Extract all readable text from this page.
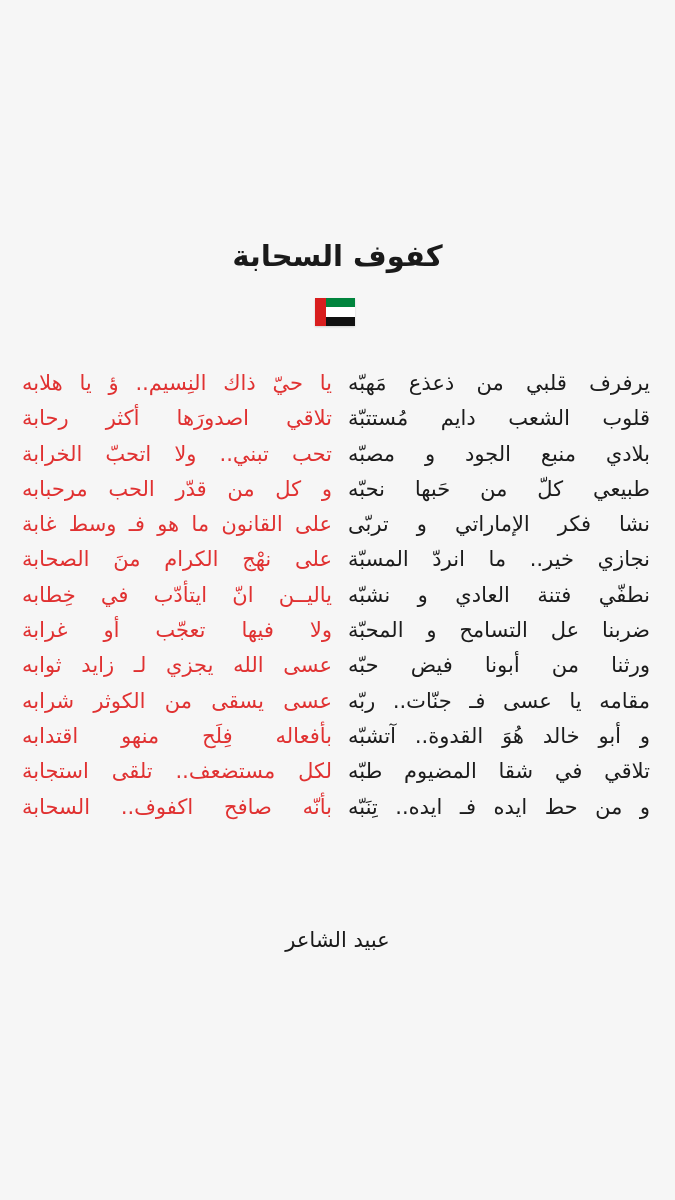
كفوف السحابة
يرفرف قلبي من ذعذع مَهبّه
قلوب الشعب دايم مُستتبّة
بلادي منبع الجود و مصبّه
طبيعي كلّ من حَبها نحبّه
نشا فكر الإماراتي و تربّى
نجازي خير.. ما انردّ المسبّة
نطفّي فتنة العادي و نشبّه
ضربنا عل التسامح و المحبّة
ورثنا من أبونا فيض حبّه
مقامه يا عسى فـ جنّات.. ربّه
و أبو خالد هُوَ القدوة.. آتشبّه
تلاقي في شقا المضيوم طبّه
و من حط ايده فـ ايده.. تِنَبّه
يا حيّ ذاك النِسيم.. ؤ يا هلابه
تلاقي اصدورَها أكثر رحابة
تحب تبني.. ولا اتحبّ الخرابة
و كل من قدّر الحب مرحبابه
على القانون ما هو فـ وسط غابة
على نهْج الكرام منَ الصحابة
ياليــن انّ ايتأدّب في خِطابه
ولا فيها تعجّب أو غرابة
عسى الله يجزي لـ زايد ثوابه
عسى يسقى من الكوثر شرابه
بأفعاله فِلَح منهو اقتدابه
لكل مستضعف.. تلقى استجابة
بأنّه صافح اكفوف.. السحابة
عبيد الشاعر
